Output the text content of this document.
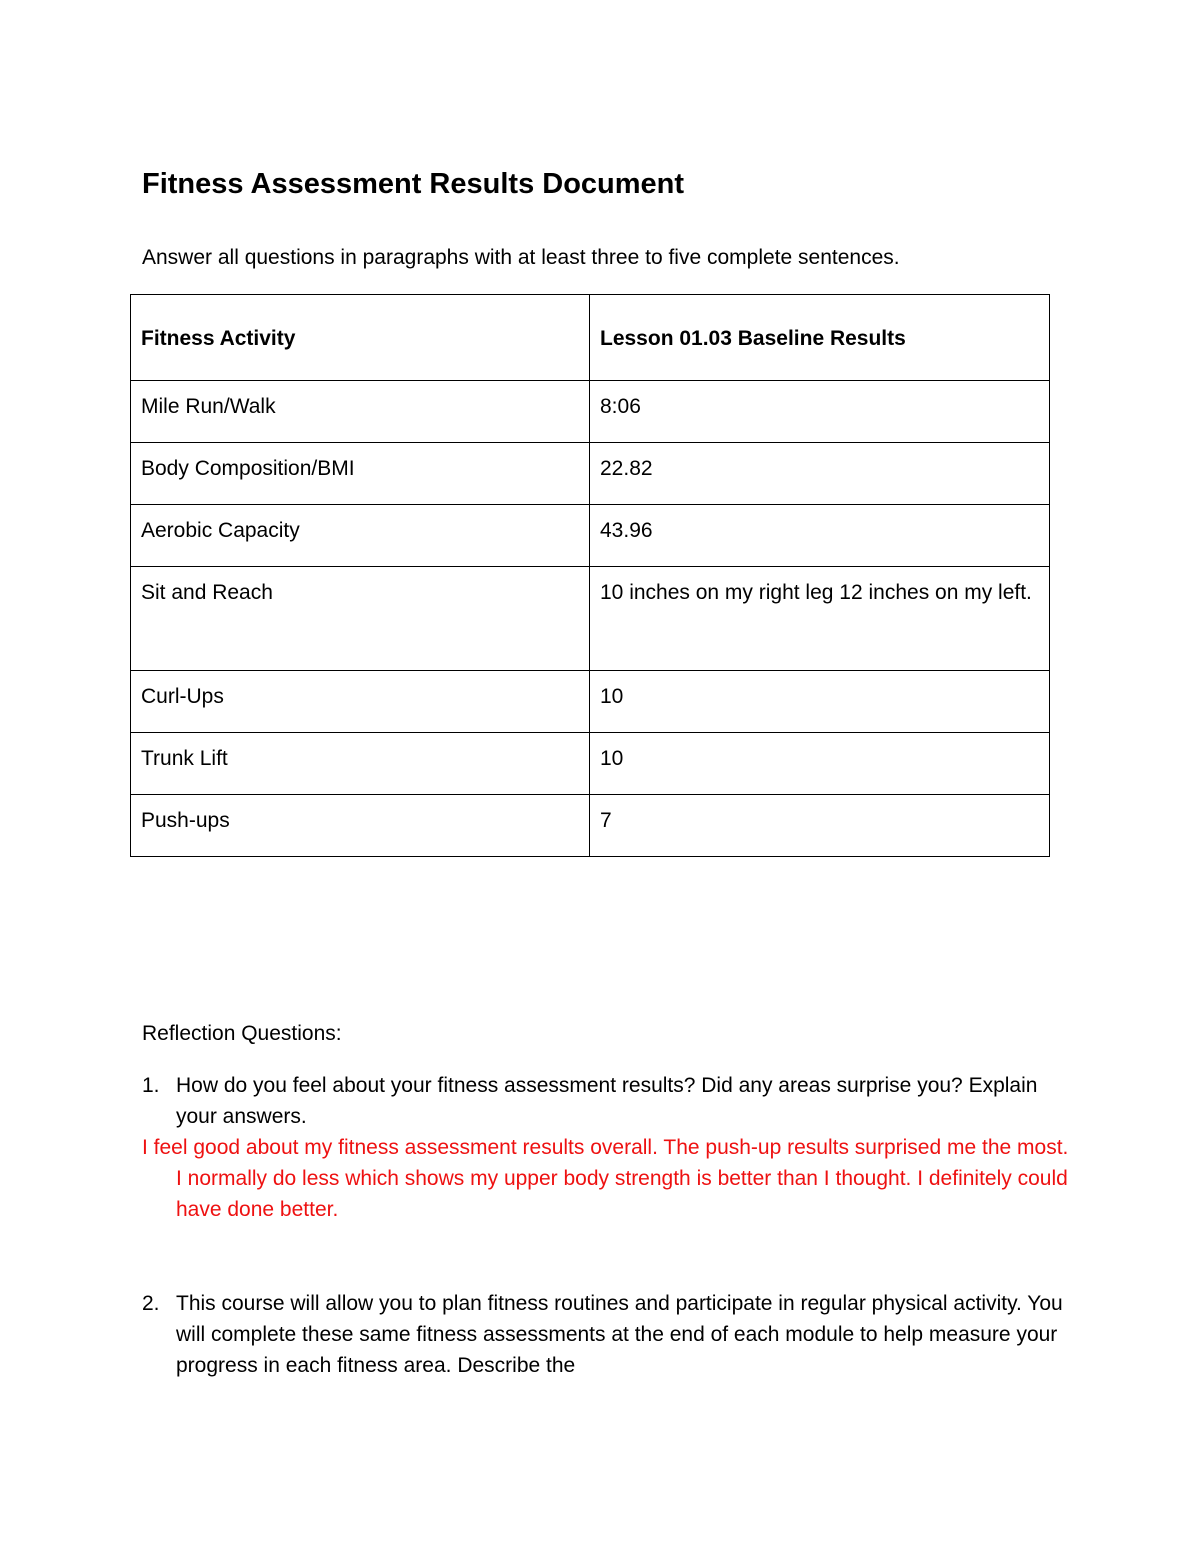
Fitness Assessment Results Document

Answer all questions in paragraphs with at least three to five complete sentences.

Fitness Activity	Lesson 01.03 Baseline Results
Mile Run/Walk	8:06
Body Composition/BMI	22.82
Aerobic Capacity	43.96
Sit and Reach	10 inches on my right leg 12 inches on my left.
Curl-Ups	10
Trunk Lift	10
Push-ups	7

Reflection Questions:

1. How do you feel about your fitness assessment results? Did any areas surprise you? Explain your answers.
I feel good about my fitness assessment results overall. The push-up results surprised me the most. I normally do less which shows my upper body strength is better than I thought. I definitely could have done better.
2. This course will allow you to plan fitness routines and participate in regular physical activity. You will complete these same fitness assessments at the end of each module to help measure your progress in each fitness area. Describe the
